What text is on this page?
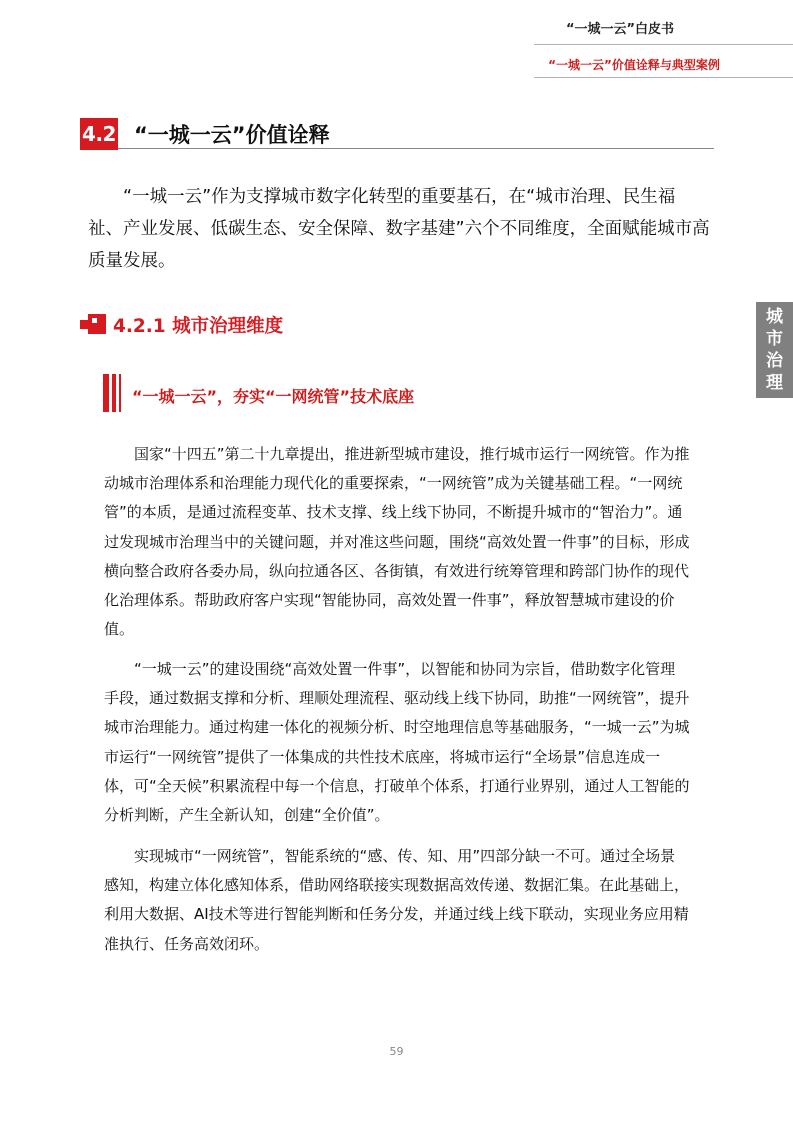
“一城一云”白皮书
“一城一云”价值诠释与典型案例
4.2 “一城一云”价值诠释

“一城一云”作为支撑城市数字化转型的重要基石，在“城市治理、民生福祉、产业发展、低碳生态、安全保障、数字基建”六个不同维度，全面赋能城市高质量发展。

4.2.1 城市治理维度	城市治理
“一城一云”，夯实“一网统管”技术底座

国家“十四五”第二十九章提出，推进新型城市建设，推行城市运行一网统管。作为推动城市治理体系和治理能力现代化的重要探索，“一网统管”成为关键基础工程。“一网统管”的本质，是通过流程变革、技术支撑、线上线下协同，不断提升城市的“智治力”。通过发现城市治理当中的关键问题，并对准这些问题，围绕“高效处置一件事”的目标，形成横向整合政府各委办局，纵向拉通各区、各街镇，有效进行统筹管理和跨部门协作的现代化治理体系。帮助政府客户实现“智能协同，高效处置一件事”，释放智慧城市建设的价值。

“一城一云”的建设围绕“高效处置一件事”，以智能和协同为宗旨，借助数字化管理手段，通过数据支撑和分析、理顺处理流程、驱动线上线下协同，助推“一网统管”，提升城市治理能力。通过构建一体化的视频分析、时空地理信息等基础服务，“一城一云”为城市运行“一网统管”提供了一体集成的共性技术底座，将城市运行“全场景”信息连成一体，可“全天候”积累流程中每一个信息，打破单个体系，打通行业界别，通过人工智能的分析判断，产生全新认知，创建“全价值”。

实现城市“一网统管”，智能系统的“感、传、知、用”四部分缺一不可。通过全场景感知，构建立体化感知体系，借助网络联接实现数据高效传递、数据汇集。在此基础上，利用大数据、AI技术等进行智能判断和任务分发，并通过线上线下联动，实现业务应用精准执行、任务高效闭环。

59
